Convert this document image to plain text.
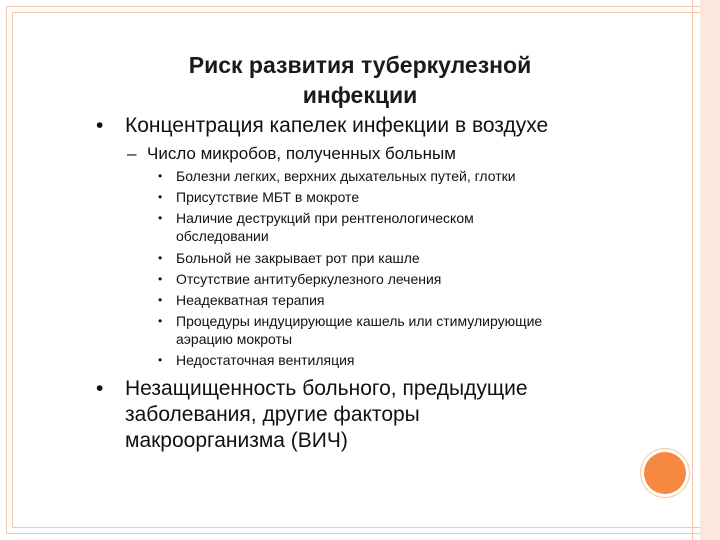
Риск развития туберкулезной
инфекции
• Концентрация капелек инфекции в воздухе
– Число микробов, полученных больным
• Болезни легких, верхних дыхательных путей, глотки
• Присутствие МБТ в мокроте
• Наличие деструкций при рентгенологическом
обследовании
• Больной не закрывает рот при кашле
• Отсутствие антитуберкулезного лечения
• Неадекватная терапия
• Процедуры индуцирующие кашель или стимулирующие
аэрацию мокроты
• Недостаточная вентиляция
• Незащищенность больного, предыдущие
заболевания, другие факторы
макроорганизма (ВИЧ)
